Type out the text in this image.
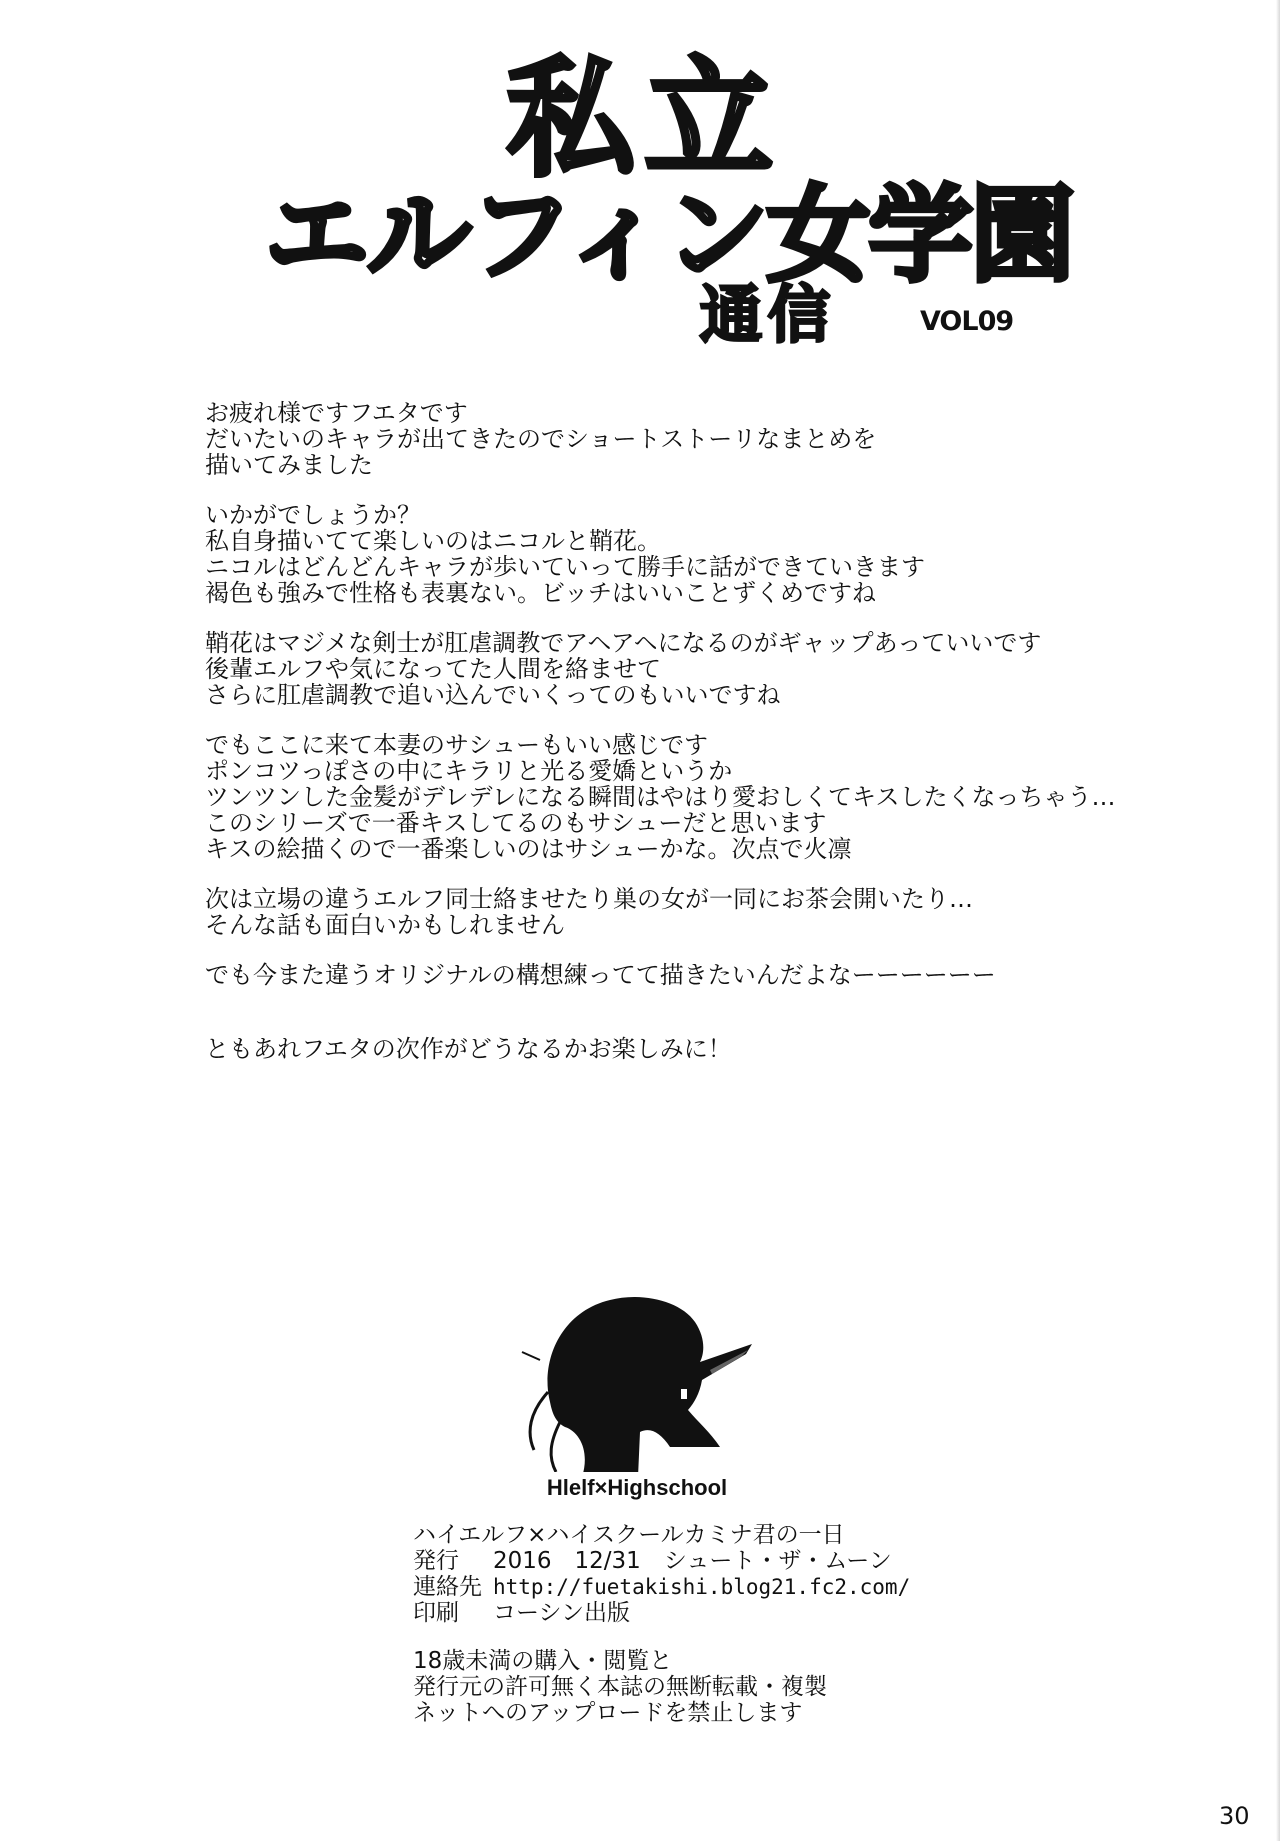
私立
エルフィン女学園
通信	VOL09
お疲れ様ですフエタです
だいたいのキャラが出てきたのでショートストーリなまとめを
描いてみました
いかがでしょうか？
私自身描いてて楽しいのはニコルと鞘花。
ニコルはどんどんキャラが歩いていって勝手に話ができていきます
褐色も強みで性格も表裏ない。ビッチはいいことずくめですね
鞘花はマジメな剣士が肛虐調教でアヘアヘになるのがギャップあっていいです
後輩エルフや気になってた人間を絡ませて
さらに肛虐調教で追い込んでいくってのもいいですね
でもここに来て本妻のサシューもいい感じです
ポンコツっぽさの中にキラリと光る愛嬌というか
ツンツンした金髪がデレデレになる瞬間はやはり愛おしくてキスしたくなっちゃう…
このシリーズで一番キスしてるのもサシューだと思います
キスの絵描くので一番楽しいのはサシューかな。次点で火凛
次は立場の違うエルフ同士絡ませたり巣の女が一同にお茶会開いたり…
そんな話も面白いかもしれません
でも今また違うオリジナルの構想練ってて描きたいんだよなーーーーーー
ともあれフエタの次作がどうなるかお楽しみに！
Hlelf×Highschool
ハイエルフ×ハイスクールカミナ君の一日
発行 2016　12/31　シュート・ザ・ムーン
連絡先 http://fuetakishi.blog21.fc2.com/
印刷 コーシン出版
18歳未満の購入・閲覧と
発行元の許可無く本誌の無断転載・複製
ネットへのアップロードを禁止します
30
